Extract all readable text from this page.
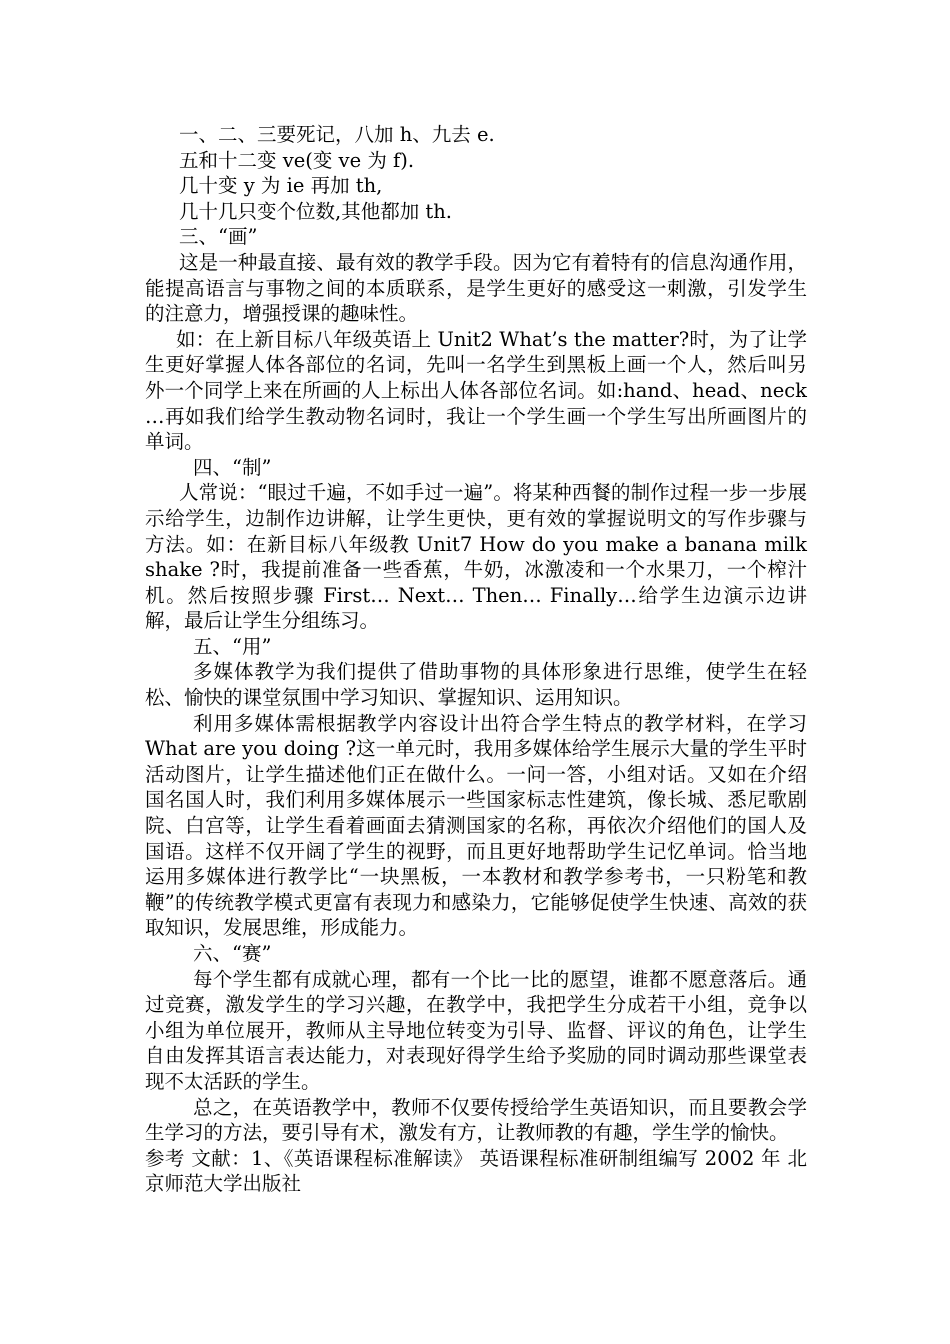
一、二、三要死记，八加 h、九去 e.

五和十二变 ve(变 ve 为 f).

几十变 y 为 ie 再加 th,

几十几只变个位数,其他都加 th.

三、“画”

这是一种最直接、最有效的教学手段。因为它有着特有的信息沟通作用，能提高语言与事物之间的本质联系，是学生更好的感受这一刺激，引发学生的注意力，增强授课的趣味性。

如：在上新目标八年级英语上 Unit2 What’s the matter?时，为了让学生更好掌握人体各部位的名词，先叫一名学生到黑板上画一个人，然后叫另外一个同学上来在所画的人上标出人体各部位名词。如:hand、head、neck …再如我们给学生教动物名词时，我让一个学生画一个学生写出所画图片的单词。

四、“制”

人常说：“眼过千遍，不如手过一遍”。将某种西餐的制作过程一步一步展示给学生，边制作边讲解，让学生更快，更有效的掌握说明文的写作步骤与方法。如：在新目标八年级教 Unit7 How do you make a banana milk shake ?时，我提前准备一些香蕉，牛奶，冰激凌和一个水果刀，一个榨汁机。然后按照步骤 First… Next… Then… Finally…给学生边演示边讲解，最后让学生分组练习。

五、“用”

多媒体教学为我们提供了借助事物的具体形象进行思维，使学生在轻松、愉快的课堂氛围中学习知识、掌握知识、运用知识。

利用多媒体需根据教学内容设计出符合学生特点的教学材料，在学习 What are you doing ?这一单元时，我用多媒体给学生展示大量的学生平时活动图片，让学生描述他们正在做什么。一问一答，小组对话。又如在介绍国名国人时，我们利用多媒体展示一些国家标志性建筑，像长城、悉尼歌剧院、白宫等，让学生看着画面去猜测国家的名称，再依次介绍他们的国人及国语。这样不仅开阔了学生的视野，而且更好地帮助学生记忆单词。恰当地运用多媒体进行教学比“一块黑板，一本教材和教学参考书，一只粉笔和教鞭”的传统教学模式更富有表现力和感染力，它能够促使学生快速、高效的获取知识，发展思维，形成能力。

六、“赛”

每个学生都有成就心理，都有一个比一比的愿望，谁都不愿意落后。通过竞赛，激发学生的学习兴趣，在教学中，我把学生分成若干小组，竞争以小组为单位展开，教师从主导地位转变为引导、监督、评议的角色，让学生自由发挥其语言表达能力，对表现好得学生给予奖励的同时调动那些课堂表现不太活跃的学生。

总之，在英语教学中，教师不仅要传授给学生英语知识，而且要教会学生学习的方法，要引导有术，激发有方，让教师教的有趣，学生学的愉快。

参考 文献：1、《英语课程标准解读》 英语课程标准研制组编写 2002 年 北京师范大学出版社
